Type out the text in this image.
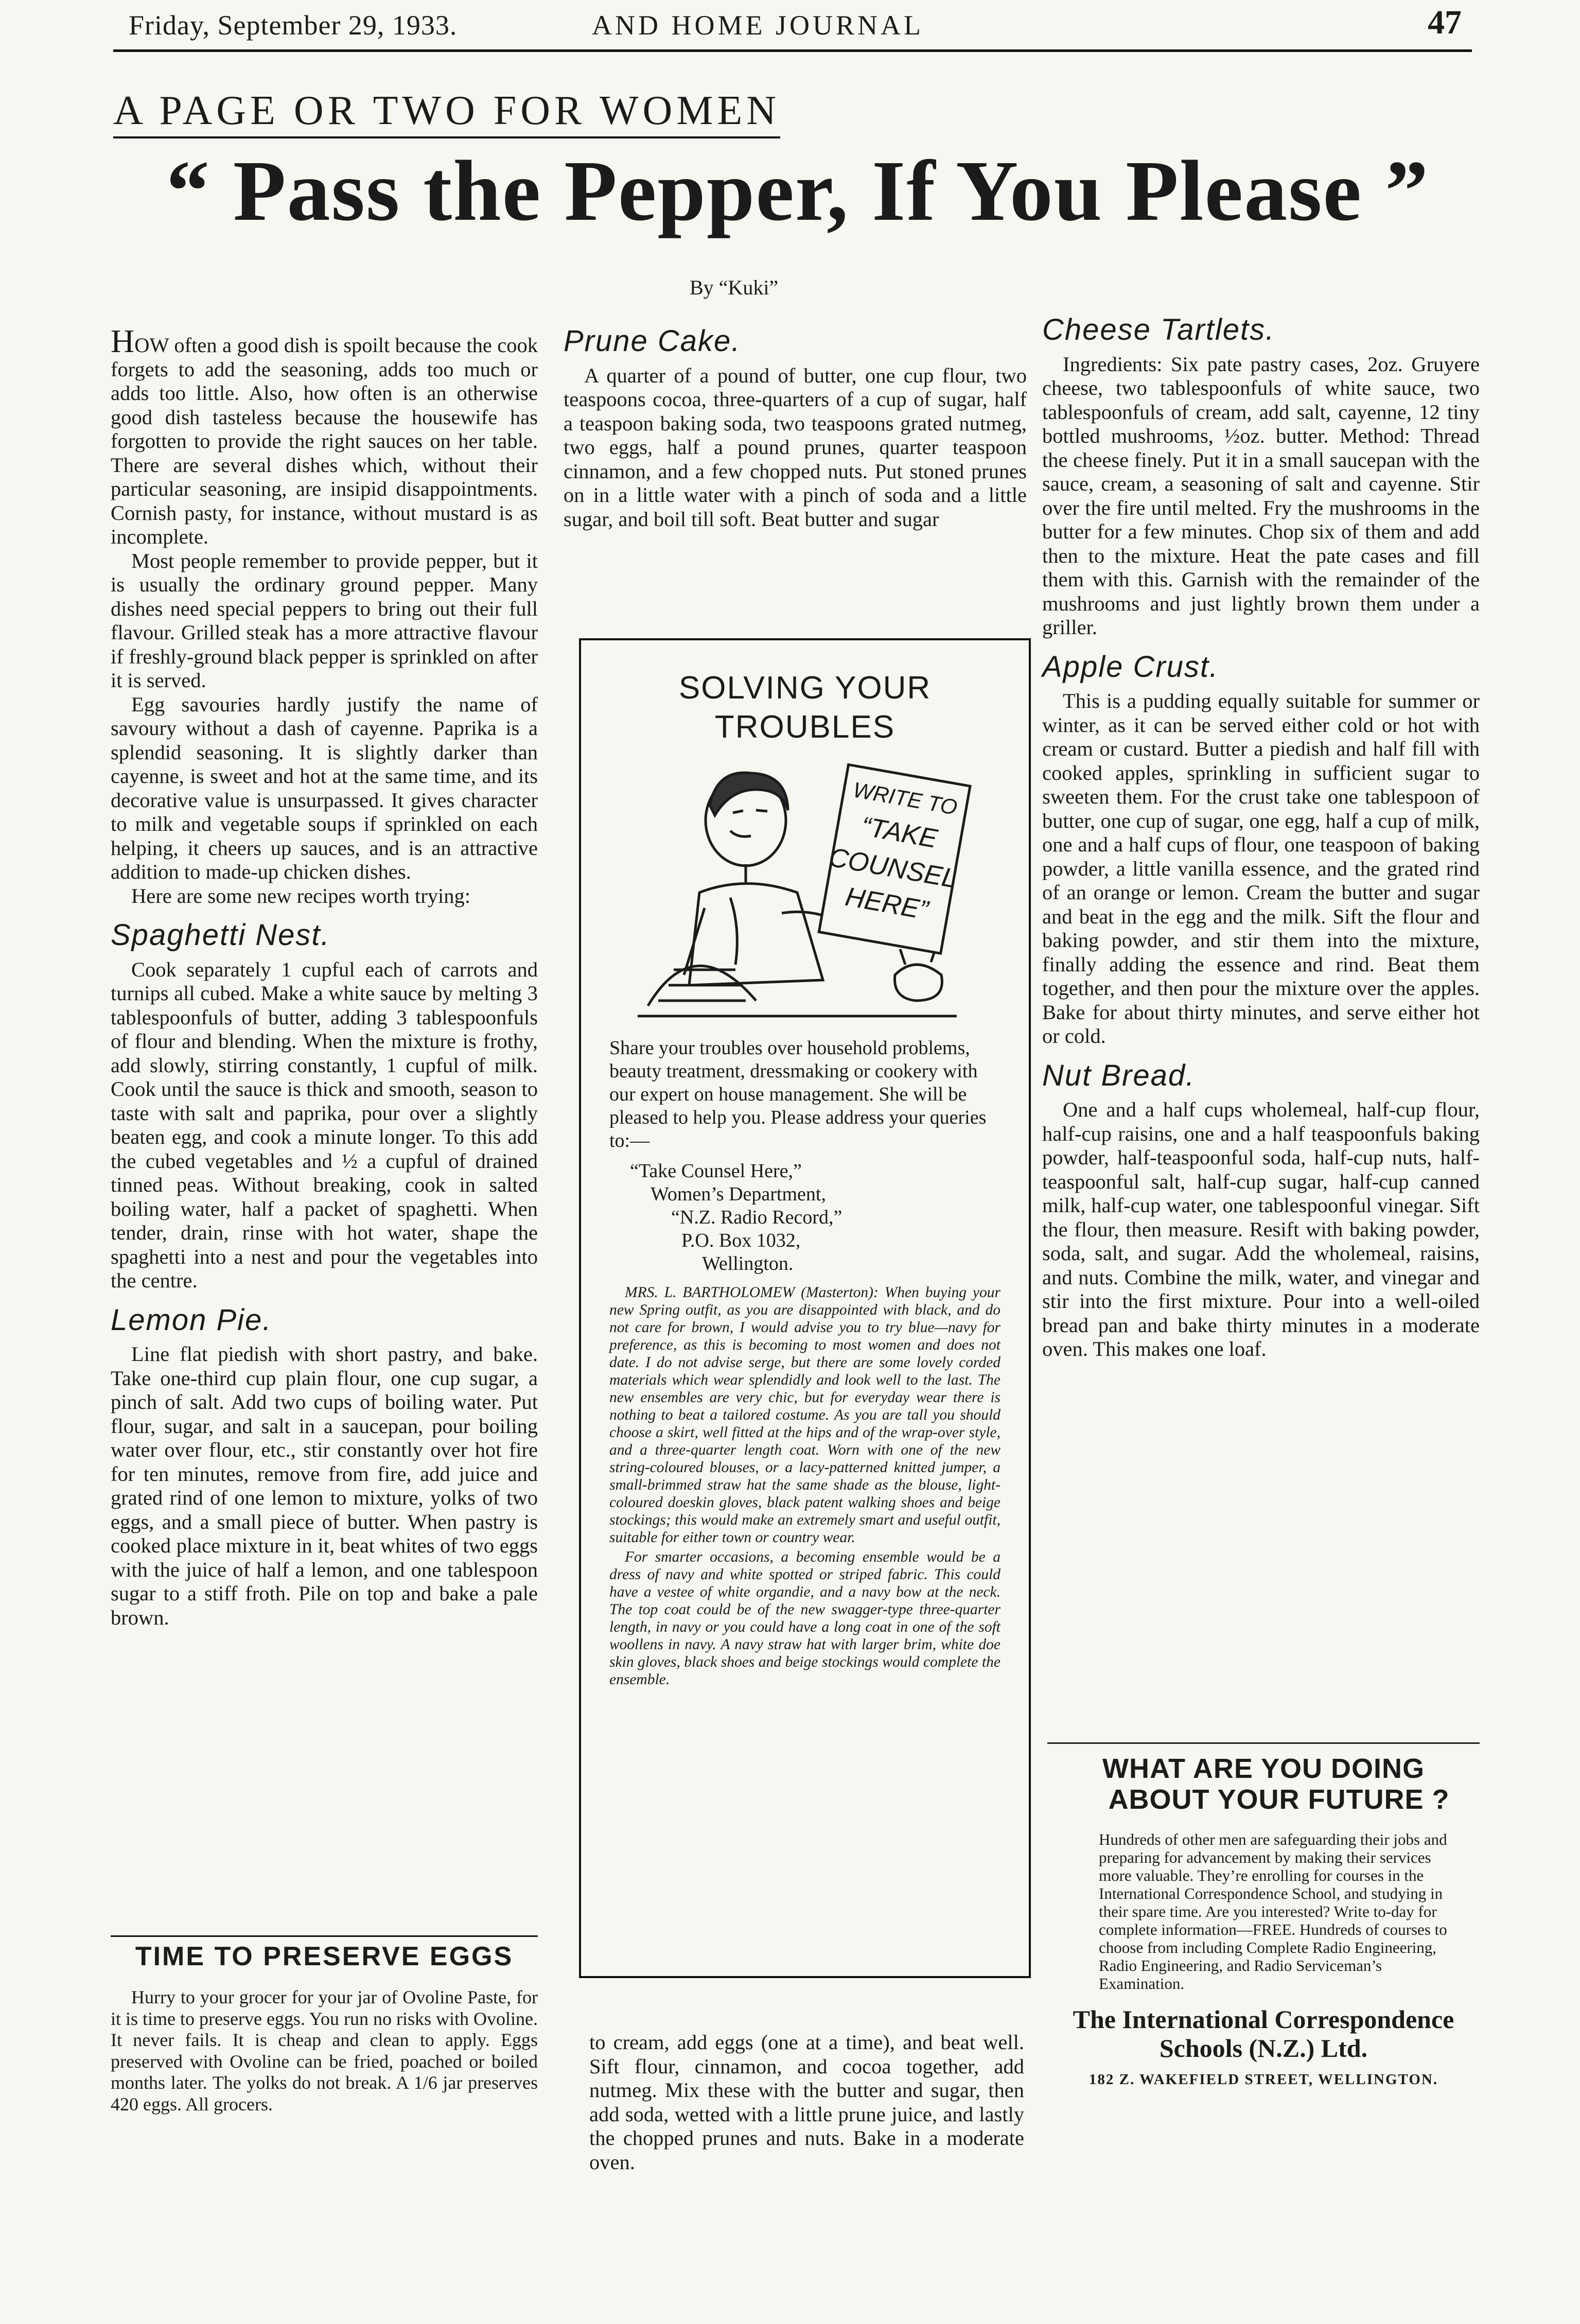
Friday, September 29, 1933.	AND HOME JOURNAL	47
A PAGE OR TWO FOR WOMEN
“ Pass the Pepper, If You Please ”
By “Kuki”

HOW often a good dish is spoilt because the cook forgets to add the seasoning, adds too much or adds too little. Also, how often is an otherwise good dish tasteless because the housewife has forgotten to provide the right sauces on her table. There are several dishes which, without their particular seasoning, are insipid disappointments. Cornish pasty, for instance, without mustard is as incomplete.

Most people remember to provide pepper, but it is usually the ordinary ground pepper. Many dishes need special peppers to bring out their full flavour. Grilled steak has a more attractive flavour if freshly-ground black pepper is sprinkled on after it is served.

Egg savouries hardly justify the name of savoury without a dash of cayenne. Paprika is a splendid seasoning. It is slightly darker than cayenne, is sweet and hot at the same time, and its decorative value is unsurpassed. It gives character to milk and vegetable soups if sprinkled on each helping, it cheers up sauces, and is an attractive addition to made-up chicken dishes.

Here are some new recipes worth trying:

Spaghetti Nest.

Cook separately 1 cupful each of carrots and turnips all cubed. Make a white sauce by melting 3 tablespoonfuls of butter, adding 3 tablespoonfuls of flour and blending. When the mixture is frothy, add slowly, stirring constantly, 1 cupful of milk. Cook until the sauce is thick and smooth, season to taste with salt and paprika, pour over a slightly beaten egg, and cook a minute longer. To this add the cubed vegetables and ½ a cupful of drained tinned peas. Without breaking, cook in salted boiling water, half a packet of spaghetti. When tender, drain, rinse with hot water, shape the spaghetti into a nest and pour the vegetables into the centre.

Lemon Pie.

Line flat piedish with short pastry, and bake. Take one-third cup plain flour, one cup sugar, a pinch of salt. Add two cups of boiling water. Put flour, sugar, and salt in a saucepan, pour boiling water over flour, etc., stir constantly over hot fire for ten minutes, remove from fire, add juice and grated rind of one lemon to mixture, yolks of two eggs, and a small piece of butter. When pastry is cooked place mixture in it, beat whites of two eggs with the juice of half a lemon, and one tablespoon sugar to a stiff froth. Pile on top and bake a pale brown.

TIME TO PRESERVE EGGS

Hurry to your grocer for your jar of Ovoline Paste, for it is time to preserve eggs. You run no risks with Ovoline. It never fails. It is cheap and clean to apply. Eggs preserved with Ovoline can be fried, poached or boiled months later. The yolks do not break. A 1/6 jar preserves 420 eggs. All grocers.

Prune Cake.

A quarter of a pound of butter, one cup flour, two teaspoons cocoa, three-quarters of a cup of sugar, half a teaspoon baking soda, two teaspoons grated nutmeg, two eggs, half a pound prunes, quarter teaspoon cinnamon, and a few chopped nuts. Put stoned prunes on in a little water with a pinch of soda and a little sugar, and boil till soft. Beat butter and sugar

SOLVING YOUR
TROUBLES
WRITE TO
“TAKE
COUNSEL
HERE”

Share your troubles over household problems, beauty treatment, dressmaking or cookery with our expert on house management. She will be pleased to help you. Please address your queries to:—

“Take Counsel Here,”
Women’s Department,
“N.Z. Radio Record,”
P.O. Box 1032,
Wellington.

MRS. L. BARTHOLOMEW (Masterton): When buying your new Spring outfit, as you are disappointed with black, and do not care for brown, I would advise you to try blue—navy for preference, as this is becoming to most women and does not date. I do not advise serge, but there are some lovely corded materials which wear splendidly and look well to the last. The new ensembles are very chic, but for everyday wear there is nothing to beat a tailored costume. As you are tall you should choose a skirt, well fitted at the hips and of the wrap-over style, and a three-quarter length coat. Worn with one of the new string-coloured blouses, or a lacy-patterned knitted jumper, a small-brimmed straw hat the same shade as the blouse, light-coloured doeskin gloves, black patent walking shoes and beige stockings; this would make an extremely smart and useful outfit, suitable for either town or country wear.

For smarter occasions, a becoming ensemble would be a dress of navy and white spotted or striped fabric. This could have a vestee of white organdie, and a navy bow at the neck. The top coat could be of the new swagger-type three-quarter length, in navy or you could have a long coat in one of the soft woollens in navy. A navy straw hat with larger brim, white doe skin gloves, black shoes and beige stockings would complete the ensemble.

to cream, add eggs (one at a time), and beat well. Sift flour, cinnamon, and cocoa together, add nutmeg. Mix these with the butter and sugar, then add soda, wetted with a little prune juice, and lastly the chopped prunes and nuts. Bake in a moderate oven.

Cheese Tartlets.

Ingredients: Six pate pastry cases, 2oz. Gruyere cheese, two tablespoonfuls of white sauce, two tablespoonfuls of cream, add salt, cayenne, 12 tiny bottled mushrooms, ½oz. butter. Method: Thread the cheese finely. Put it in a small saucepan with the sauce, cream, a seasoning of salt and cayenne. Stir over the fire until melted. Fry the mushrooms in the butter for a few minutes. Chop six of them and add then to the mixture. Heat the pate cases and fill them with this. Garnish with the remainder of the mushrooms and just lightly brown them under a griller.

Apple Crust.

This is a pudding equally suitable for summer or winter, as it can be served either cold or hot with cream or custard. Butter a piedish and half fill with cooked apples, sprinkling in sufficient sugar to sweeten them. For the crust take one tablespoon of butter, one cup of sugar, one egg, half a cup of milk, one and a half cups of flour, one teaspoon of baking powder, a little vanilla essence, and the grated rind of an orange or lemon. Cream the butter and sugar and beat in the egg and the milk. Sift the flour and baking powder, and stir them into the mixture, finally adding the essence and rind. Beat them together, and then pour the mixture over the apples. Bake for about thirty minutes, and serve either hot or cold.

Nut Bread.

One and a half cups wholemeal, half-cup flour, half-cup raisins, one and a half teaspoonfuls baking powder, half-teaspoonful soda, half-cup nuts, half-teaspoonful salt, half-cup sugar, half-cup canned milk, half-cup water, one tablespoonful vinegar. Sift the flour, then measure. Resift with baking powder, soda, salt, and sugar. Add the wholemeal, raisins, and nuts. Combine the milk, water, and vinegar and stir into the first mixture. Pour into a well-oiled bread pan and bake thirty minutes in a moderate oven. This makes one loaf.

WHAT ARE YOU DOING
ABOUT YOUR FUTURE ?
Hundreds of other men are safeguarding their jobs and preparing for advancement by making their services more valuable. They’re enrolling for courses in the International Correspondence School, and studying in their spare time. Are you interested? Write to-day for complete information—FREE. Hundreds of courses to choose from including Complete Radio Engineering, Radio Engineering, and Radio Serviceman’s Examination.
The International Correspondence
Schools (N.Z.) Ltd.
182 Z. WAKEFIELD STREET, WELLINGTON.
